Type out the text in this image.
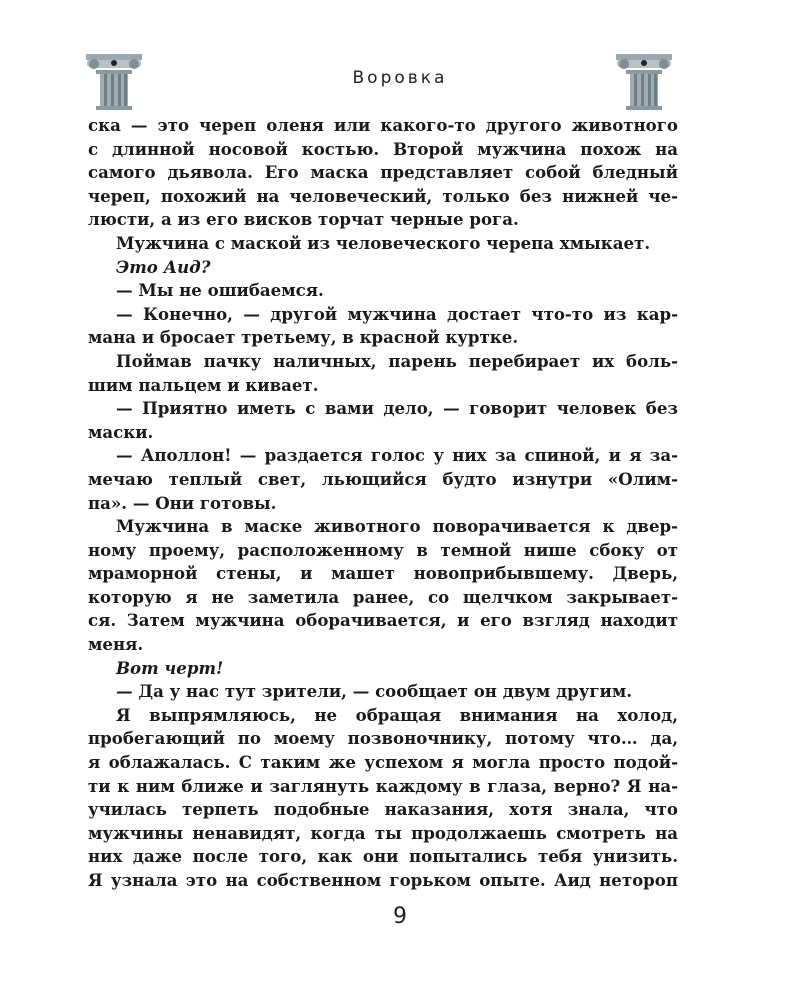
Воровка
ска — это череп оленя или какого-то другого животного
с длинной носовой костью. Второй мужчина похож на
самого дьявола. Его маска представляет собой бледный
череп, похожий на человеческий, только без нижней че-
люсти, а из его висков торчат черные рога.
Мужчина с маской из человеческого черепа хмыкает.
Это Аид?
— Мы не ошибаемся.
— Конечно, — другой мужчина достает что-то из кар-
мана и бросает третьему, в красной куртке.
Поймав пачку наличных, парень перебирает их боль-
шим пальцем и кивает.
— Приятно иметь с вами дело, — говорит человек без
маски.
— Аполлон! — раздается голос у них за спиной, и я за-
мечаю теплый свет, льющийся будто изнутри «Олим-
па». — Они готовы.
Мужчина в маске животного поворачивается к двер-
ному проему, расположенному в темной нише сбоку от
мраморной стены, и машет новоприбывшему. Дверь,
которую я не заметила ранее, со щелчком закрывает-
ся. Затем мужчина оборачивается, и его взгляд находит
меня.
Вот черт!
— Да у нас тут зрители, — сообщает он двум другим.
Я выпрямляюсь, не обращая внимания на холод,
пробегающий по моему позвоночнику, потому что… да,
я облажалась. С таким же успехом я могла просто подой-
ти к ним ближе и заглянуть каждому в глаза, верно? Я на-
училась терпеть подобные наказания, хотя знала, что
мужчины ненавидят, когда ты продолжаешь смотреть на
них даже после того, как они попытались тебя унизить.
Я узнала это на собственном горьком опыте. Аид нетороп
9
